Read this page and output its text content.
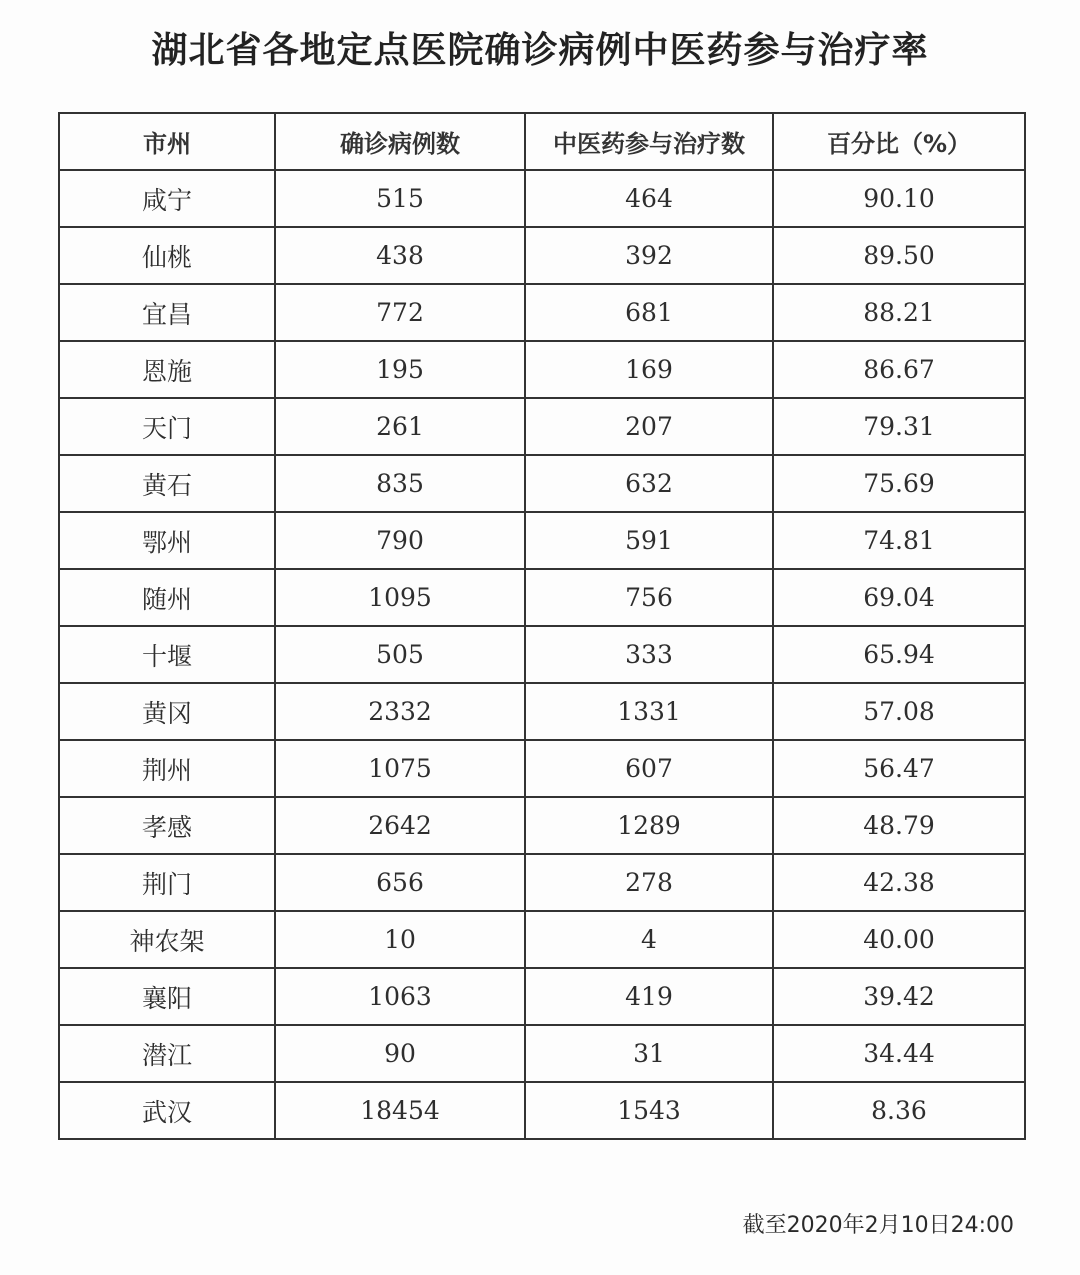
湖北省各地定点医院确诊病例中医药参与治疗率
市州	确诊病例数	中医药参与治疗数	百分比（%）
咸宁	515	464	90.10
仙桃	438	392	89.50
宜昌	772	681	88.21
恩施	195	169	86.67
天门	261	207	79.31
黄石	835	632	75.69
鄂州	790	591	74.81
随州	1095	756	69.04
十堰	505	333	65.94
黄冈	2332	1331	57.08
荆州	1075	607	56.47
孝感	2642	1289	48.79
荆门	656	278	42.38
神农架	10	4	40.00
襄阳	1063	419	39.42
潜江	90	31	34.44
武汉	18454	1543	8.36
截至2020年2月10日24:00
